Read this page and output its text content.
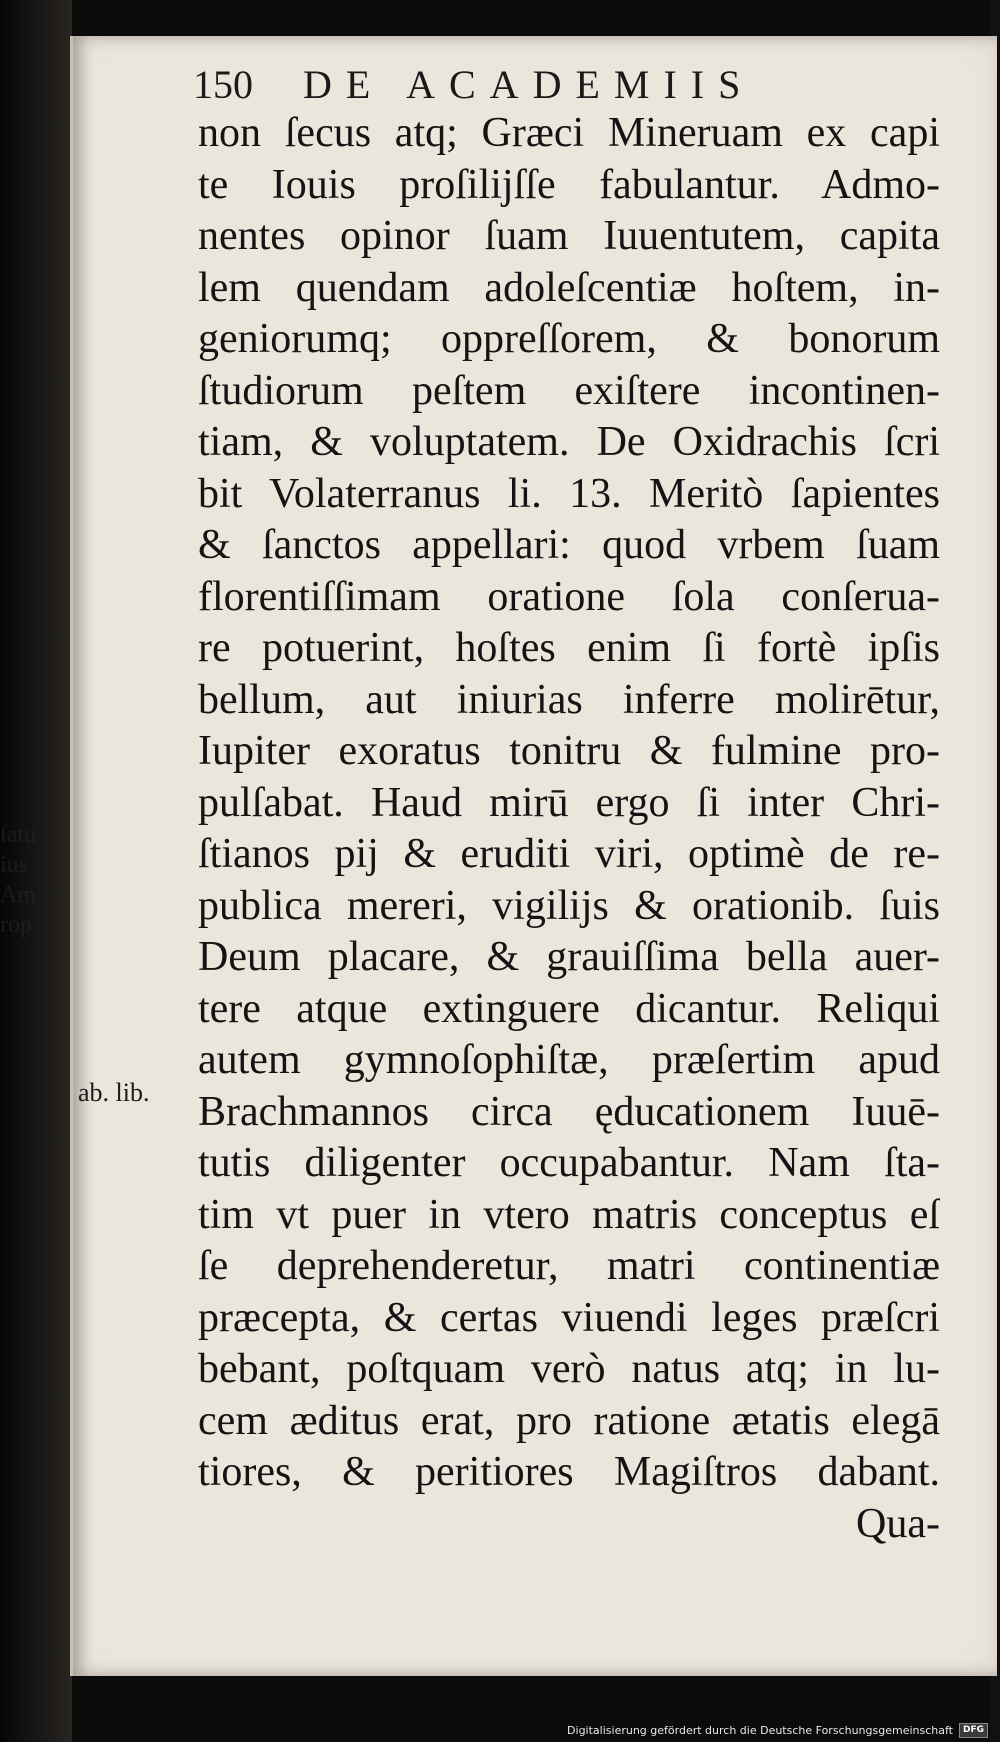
ſatu
ius
Am
rop
150	DE ACADEMIIS
non ſecus atq; Græci Mineruam ex capi
te Iouis proſilijſſe fabulantur. Admo-
nentes opinor ſuam Iuuentutem, capita
lem quendam adoleſcentiæ hoſtem, in-
geniorumq; oppreſſorem, & bonorum
ſtudiorum peſtem exiſtere incontinen-
tiam, & voluptatem. De Oxidrachis ſcri
bit Volaterranus li. 13. Meritò ſapientes
& ſanctos appellari: quod vrbem ſuam
florentiſſimam oratione ſola conſerua-
re potuerint, hoſtes enim ſi fortè ipſis
bellum, aut iniurias inferre molirētur,
Iupiter exoratus tonitru & fulmine pro-
pulſabat. Haud mirū ergo ſi inter Chri-
ſtianos pij & eruditi viri, optimè de re-
publica mereri, vigilijs & orationib. ſuis
Deum placare, & grauiſſima bella auer-
tere atque extinguere dicantur. Reliqui
autem gymnoſophiſtæ, præſertim apud
Brachmannos circa ęducationem Iuuē-
tutis diligenter occupabantur. Nam ſta-
tim vt puer in vtero matris conceptus eſ
ſe deprehenderetur, matri continentiæ
præcepta, & certas viuendi leges præſcri
bebant, poſtquam verò natus atq; in lu-
cem æditus erat, pro ratione ætatis elegā
tiores, & peritiores Magiſtros dabant.
Qua-
ab. lib.
Digitalisierung gefördert durch die Deutsche Forschungsgemeinschaft	DFG
